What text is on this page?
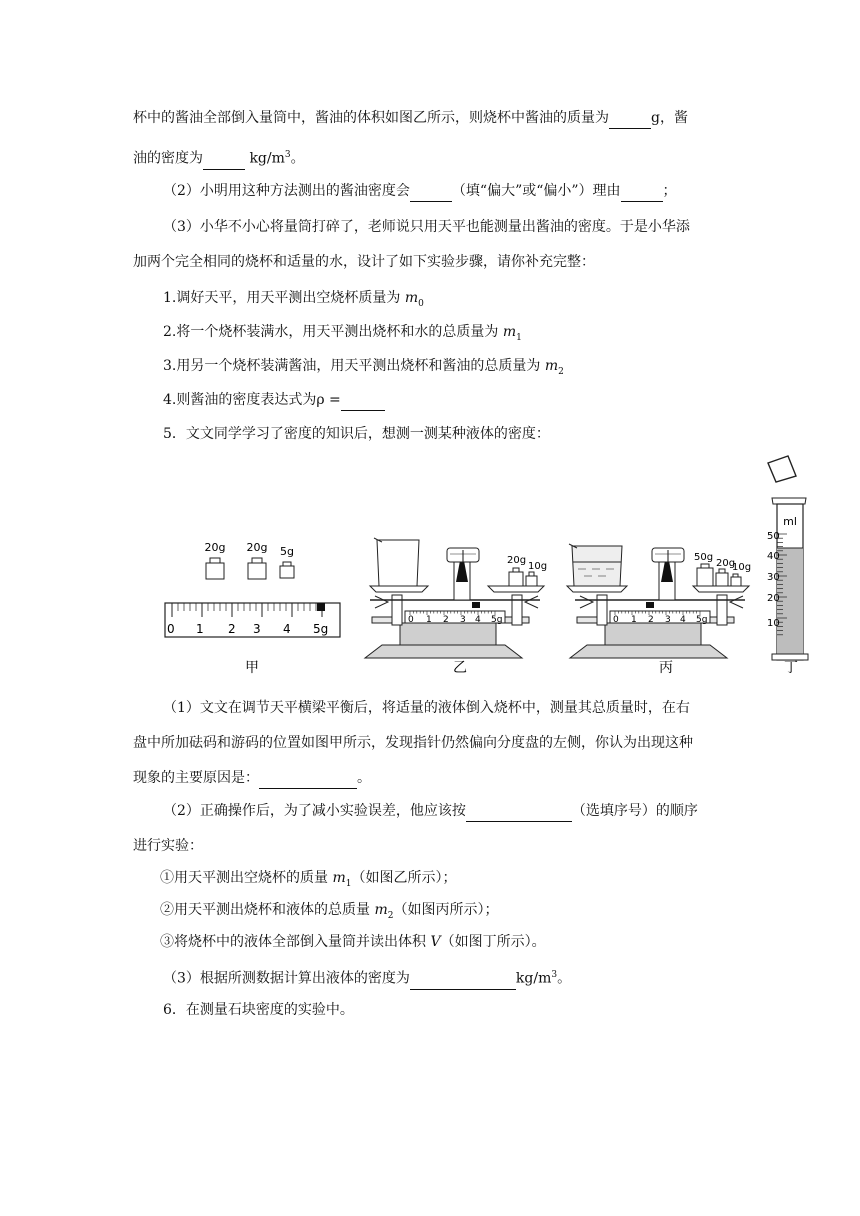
杯中的酱油全部倒入量筒中，酱油的体积如图乙所示，则烧杯中酱油的质量为	g，酱
油的密度为	$kg/m^3$。
（2）小明用这种方法测出的酱油密度会	（填“偏大”或“偏小”）理由	；
（3）小华不小心将量筒打碎了，老师说只用天平也能测量出酱油的密度。于是小华添
加两个完全相同的烧杯和适量的水，设计了如下实验步骤，请你补充完整：
1.调好天平，用天平测出空烧杯质量为 $m_0$
2.将一个烧杯装满水，用天平测出烧杯和水的总质量为 $m_1$
3.用另一个烧杯装满酱油，用天平测出烧杯和酱油的总质量为 $m_2$
4.则酱油的密度表达式为ρ =
5．文文同学学习了密度的知识后，想测一测某种液体的密度：
20g 20g 5g
0 1 2 3 4 5g
甲
0 1 2 3 4 5g
20g
10g
乙
0 1 2 3 4 5g
50g
20g
10g
丙
ml
50
40
30
20
10
丁
（1）文文在调节天平横梁平衡后，将适量的液体倒入烧杯中，测量其总质量时，在右
盘中所加砝码和游码的位置如图甲所示，发现指针仍然偏向分度盘的左侧，你认为出现这种
现象的主要原因是：	。
（2）正确操作后，为了减小实验误差，他应该按	（选填序号）的顺序
进行实验：
①用天平测出空烧杯的质量 $m_1$（如图乙所示）；
②用天平测出烧杯和液体的总质量 $m_2$（如图丙所示）；
③将烧杯中的液体全部倒入量筒并读出体积 V（如图丁所示）。
（3）根据所测数据计算出液体的密度为	$kg/m^3$。
6．在测量石块密度的实验中。
